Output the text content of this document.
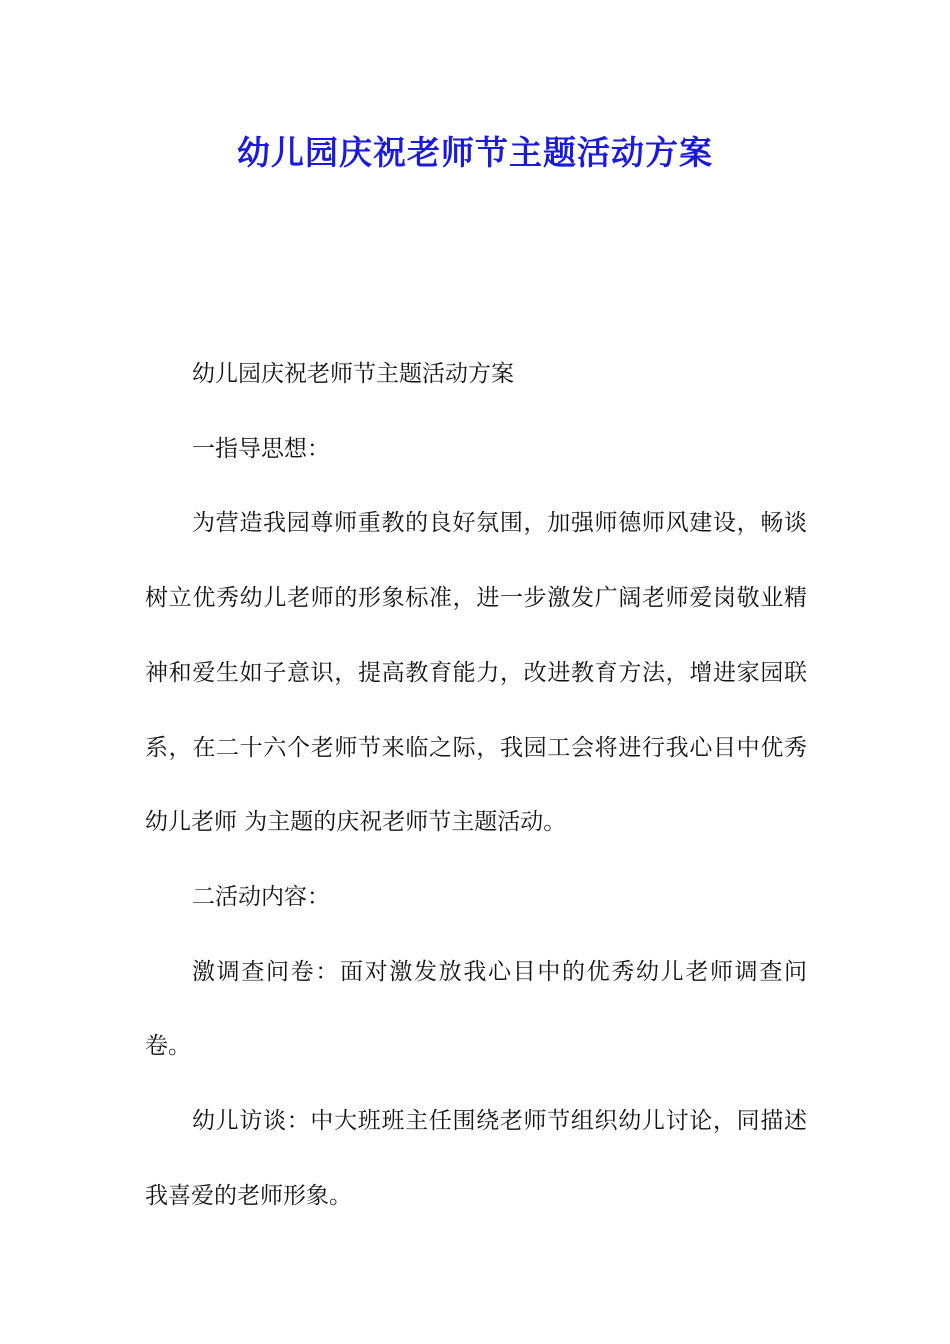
幼儿园庆祝老师节主题活动方案

幼儿园庆祝老师节主题活动方案

一指导思想：

为营造我园尊师重教的良好氛围，加强师德师风建设，畅谈树立优秀幼儿老师的形象标准，进一步激发广阔老师爱岗敬业精神和爱生如子意识，提高教育能力，改进教育方法，增进家园联系，在二十六个老师节来临之际，我园工会将进行我心目中优秀幼儿老师 为主题的庆祝老师节主题活动。

二活动内容：

激调查问卷：面对激发放我心目中的优秀幼儿老师调查问卷。

幼儿访谈：中大班班主任围绕老师节组织幼儿讨论，同描述我喜爱的老师形象。
